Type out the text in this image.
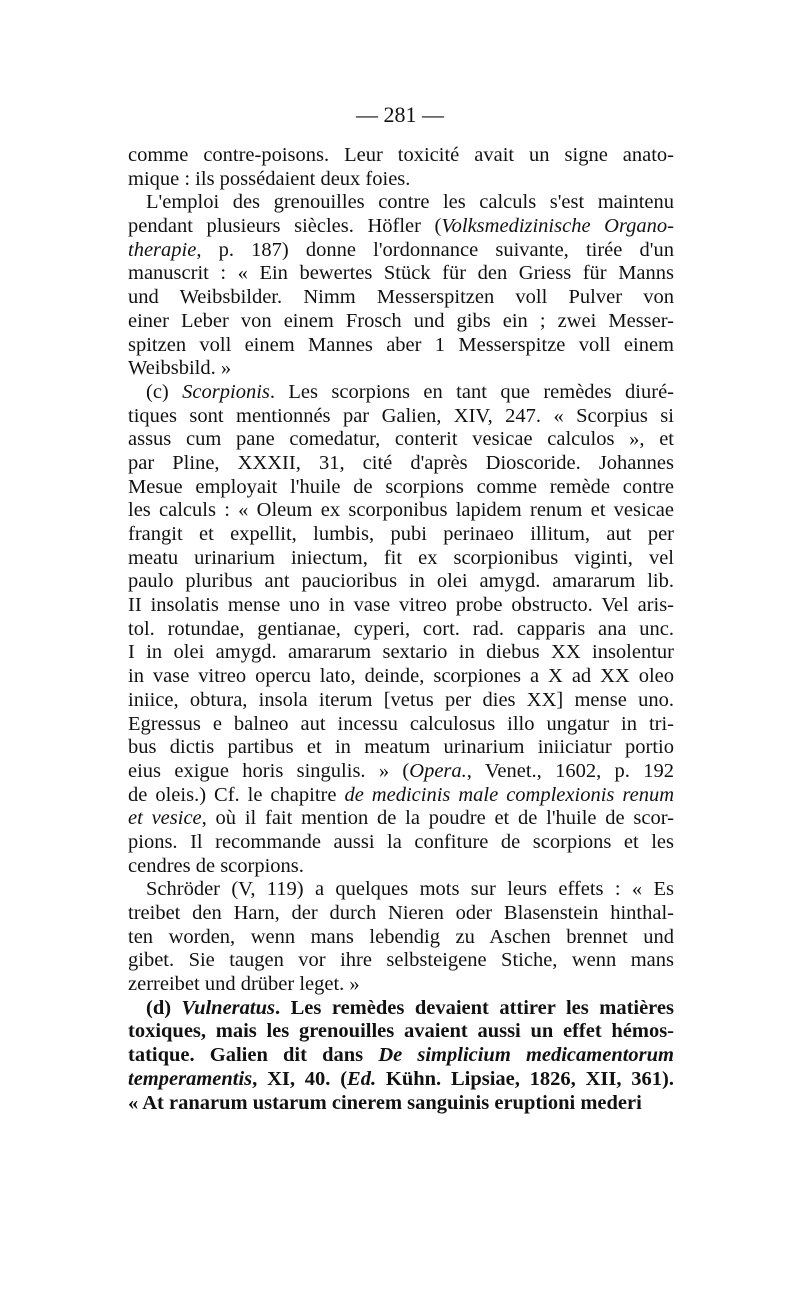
— 281 —
comme contre-poisons. Leur toxicité avait un signe anato-
mique : ils possédaient deux foies.
L'emploi des grenouilles contre les calculs s'est maintenu
pendant plusieurs siècles. Höfler (Volksmedizinische Organo-
therapie, p. 187) donne l'ordonnance suivante, tirée d'un
manuscrit : « Ein bewertes Stück für den Griess für Manns
und Weibsbilder. Nimm Messerspitzen voll Pulver von
einer Leber von einem Frosch und gibs ein ; zwei Messer-
spitzen voll einem Mannes aber 1 Messerspitze voll einem
Weibsbild. »
(c) Scorpionis. Les scorpions en tant que remèdes diuré-
tiques sont mentionnés par Galien, XIV, 247. « Scorpius si
assus cum pane comedatur, conterit vesicae calculos », et
par Pline, XXXII, 31, cité d'après Dioscoride. Johannes
Mesue employait l'huile de scorpions comme remède contre
les calculs : « Oleum ex scorponibus lapidem renum et vesicae
frangit et expellit, lumbis, pubi perinaeo illitum, aut per
meatu urinarium iniectum, fit ex scorpionibus viginti, vel
paulo pluribus ant paucioribus in olei amygd. amararum lib.
II insolatis mense uno in vase vitreo probe obstructo. Vel aris-
tol. rotundae, gentianae, cyperi, cort. rad. capparis ana unc.
I in olei amygd. amararum sextario in diebus XX insolentur
in vase vitreo opercu lato, deinde, scorpiones a X ad XX oleo
iniice, obtura, insola iterum [vetus per dies XX] mense uno.
Egressus e balneo aut incessu calculosus illo ungatur in tri-
bus dictis partibus et in meatum urinarium iniiciatur portio
eius exigue horis singulis. » (Opera., Venet., 1602, p. 192
de oleis.) Cf. le chapitre de medicinis male complexionis renum
et vesice, où il fait mention de la poudre et de l'huile de scor-
pions. Il recommande aussi la confiture de scorpions et les
cendres de scorpions.
Schröder (V, 119) a quelques mots sur leurs effets : « Es
treibet den Harn, der durch Nieren oder Blasenstein hinthal-
ten worden, wenn mans lebendig zu Aschen brennet und
gibet. Sie taugen vor ihre selbsteigene Stiche, wenn mans
zerreibet und drüber leget. »
(d) Vulneratus. Les remèdes devaient attirer les matières
toxiques, mais les grenouilles avaient aussi un effet hémos-
tatique. Galien dit dans De simplicium medicamentorum
temperamentis, XI, 40. (Ed. Kühn. Lipsiae, 1826, XII, 361).
« At ranarum ustarum cinerem sanguinis eruptioni mederi
